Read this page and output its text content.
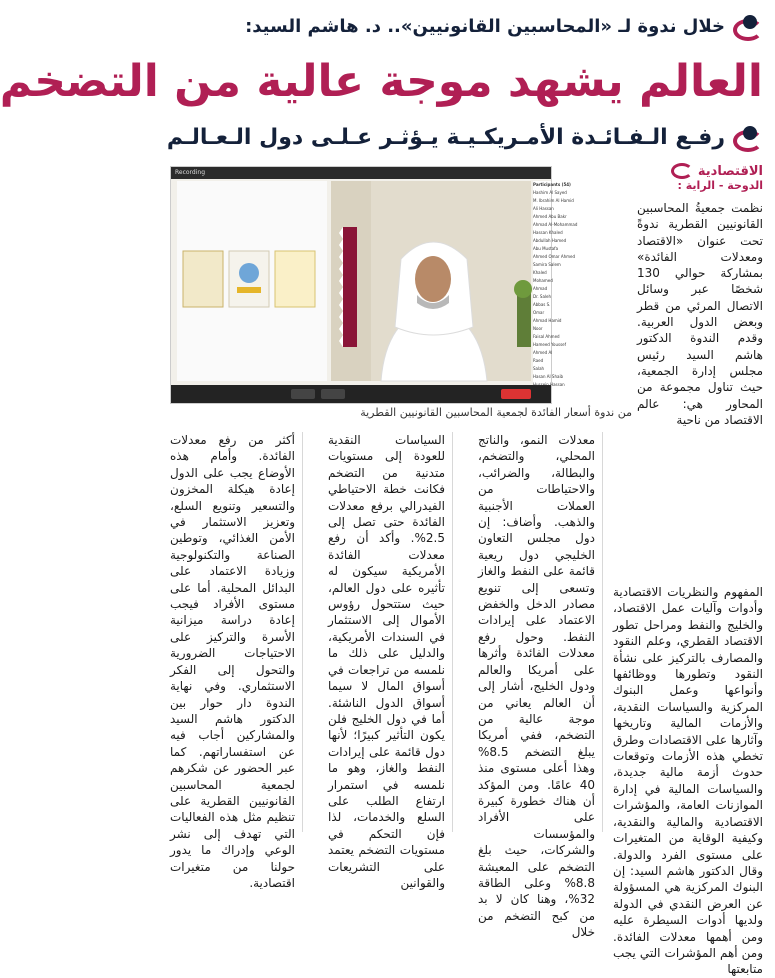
خلال ندوة لـ «المحاسبين القانونيين».. د. هاشم السيد:
العالم يشهد موجة عالية من التضخم
رفـع الـفـائـدة الأمـريكـيـة يـؤثـر عـلـى دول الـعـالـم
الاقتصادية
الدوحة - الراية :
نظمت جمعيةُ المحاسبين القانونيين القطرية ندوةً تحت عنوان «الاقتصاد ومعدلات الفائدة» بمشاركة حوالي 130 شخصًا عبر وسائل الاتصال المرئي من قطر وبعض الدول العربية. وقدم الندوة الدكتور هاشم السيد رئيس مجلس إدارة الجمعية، حيث تناول مجموعة من المحاور هي: عالم الاقتصاد من ناحية
Participants (54)
Hashim Al Sayed
M. Ibrahim Al Hamid
Ali Hassan
Ahmed Abu Bakr
Ahmad Al-Mohammad
Hassan Khaled
Abdullah Hamed
Abu Mustafa
Ahmed Omar Ahmed
Samira Salem
Khaled
Mohamed
Ahmad
Dr. Saleh
Abbas S.
Omar
Ahmad Hamid
Noor
Faisal Ahmed
Hameed Youssef
Ahmed Al
Raed
Salah
Hasan Al Shaib
Hussein Hassan
Recording
من ندوة أسعار الفائدة لجمعية المحاسبين القانونيين القطرية
المفهوم والنظريات الاقتصادية وأدوات وآليات عمل الاقتصاد، والخليج والنفط ومراحل تطور الاقتصاد القطري، وعلم النقود والمصارف بالتركيز على نشأة النقود وتطورها ووظائفها وأنواعها وعمل البنوك المركزية والسياسات النقدية، والأزمات المالية وتاريخها وآثارها على الاقتصادات وطرق تخطي هذه الأزمات وتوقعات حدوث أزمة مالية جديدة، والسياسات المالية في إدارة الموازنات العامة، والمؤشرات الاقتصادية والمالية والنقدية، وكيفية الوقاية من المتغيرات على مستوى الفرد والدولة. وقال الدكتور هاشم السيد: إن البنوك المركزية هي المسؤولة عن العرض النقدي في الدولة ولديها أدوات السيطرة عليه ومن أهمها معدلات الفائدة. ومن أهم المؤشرات التي يجب متابعتها
معدلات النمو، والناتج المحلي، والتضخم، والبطالة، والضرائب، والاحتياطات من العملات الأجنبية والذهب. وأضاف: إن دول مجلس التعاون الخليجي دول ريعية قائمة على النفط والغاز وتسعى إلى تنويع مصادر الدخل والخفض الاعتماد على إيرادات النفط. وحول رفع معدلات الفائدة وأثرها على أمريكا والعالم ودول الخليج، أشار إلى أن العالم يعاني من موجة عالية من التضخم، ففي أمريكا يبلغ التضخم 8.5% وهذا أعلى مستوى منذ 40 عامًا. ومن المؤكد أن هناك خطورة كبيرة على الأفراد والمؤسسات والشركات، حيث بلغ التضخم على المعيشة 8.8% وعلى الطاقة 32%، وهنا كان لا بد من كبح التضخم من خلال
السياسات النقدية للعودة إلى مستويات متدنية من التضخم فكانت خطة الاحتياطي الفيدرالي برفع معدلات الفائدة حتى تصل إلى 2.5%. وأكد أن رفع معدلات الفائدة الأمريكية سيكون له تأثيره على دول العالم، حيث ستتحول رؤوس الأموال إلى الاستثمار في السندات الأمريكية، والدليل على ذلك ما نلمسه من تراجعات في أسواق المال لا سيما أسواق الدول الناشئة. أما في دول الخليج فلن يكون التأثير كبيرًا؛ لأنها دول قائمة على إيرادات النفط والغاز، وهو ما نلمسه في استمرار ارتفاع الطلب على السلع والخدمات، لذا فإن التحكم في مستويات التضخم يعتمد على التشريعات والقوانين
أكثر من رفع معدلات الفائدة. وأمام هذه الأوضاع يجب على الدول إعادة هيكلة المخزون والتسعير وتنويع السلع، وتعزيز الاستثمار في الأمن الغذائي، وتوطين الصناعة والتكنولوجية وزيادة الاعتماد على البدائل المحلية. أما على مستوى الأفراد فيجب إعادة دراسة ميزانية الأسرة والتركيز على الاحتياجات الضرورية والتحول إلى الفكر الاستثماري. وفي نهاية الندوة دار حوار بين الدكتور هاشم السيد والمشاركين أجاب فيه عن استفساراتهم. كما عبر الحضور عن شكرهم لجمعية المحاسبين القانونيين القطرية على تنظيم مثل هذه الفعاليات التي تهدف إلى نشر الوعي وإدراك ما يدور حولنا من متغيرات اقتصادية.
